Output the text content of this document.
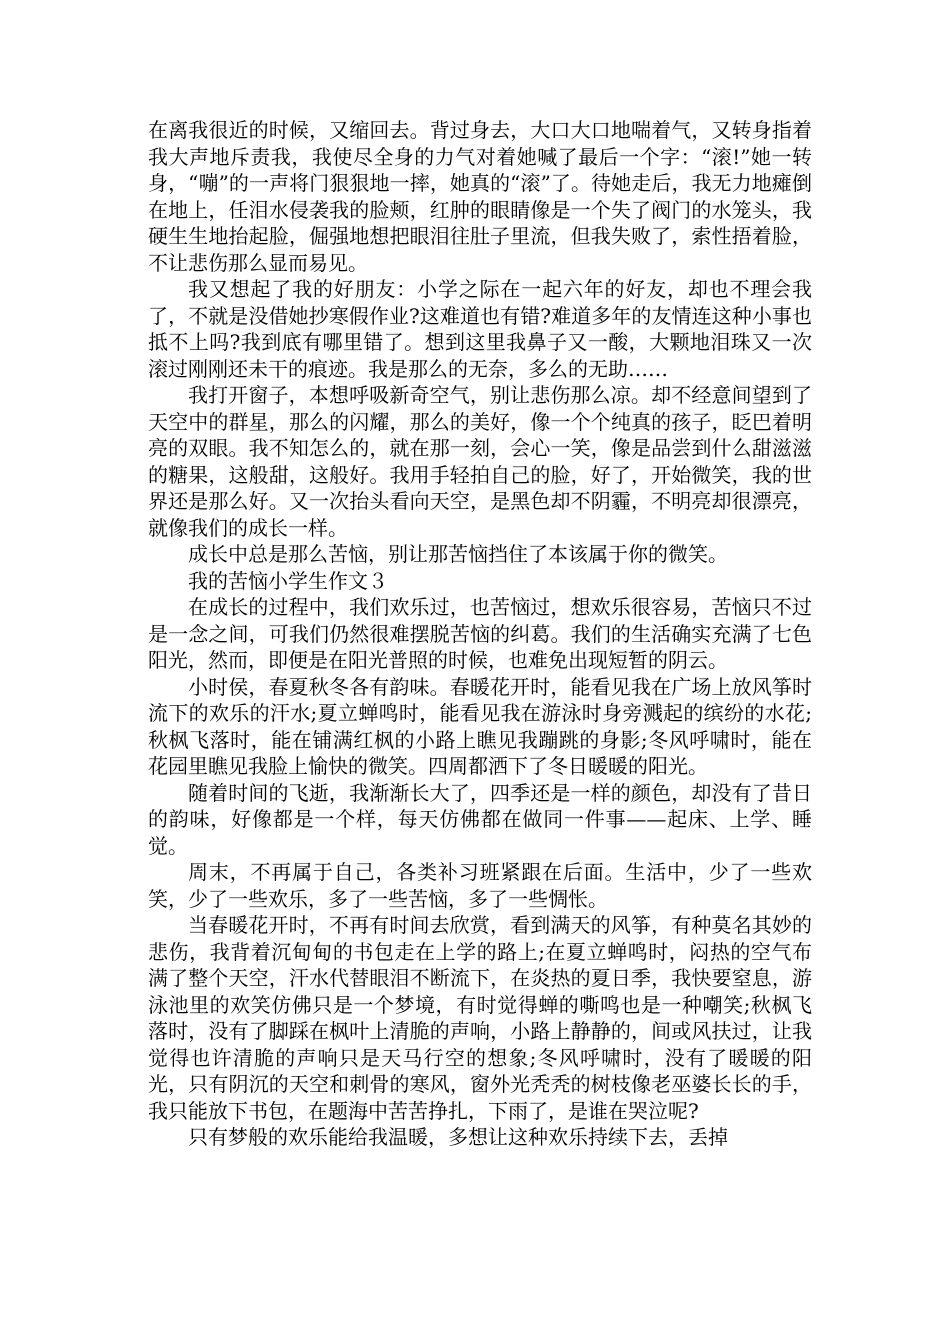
在离我很近的时候，又缩回去。背过身去，大口大口地喘着气，又转身指着我大声地斥责我，我使尽全身的力气对着她喊了最后一个字：“滚!”她一转身，“嘣”的一声将门狠狠地一摔，她真的“滚”了。待她走后，我无力地瘫倒在地上，任泪水侵袭我的脸颊，红肿的眼睛像是一个失了阀门的水笼头，我硬生生地抬起脸，倔强地想把眼泪往肚子里流，但我失败了，索性捂着脸，不让悲伤那么显而易见。

我又想起了我的好朋友：小学之际在一起六年的好友，却也不理会我了，不就是没借她抄寒假作业?这难道也有错?难道多年的友情连这种小事也抵不上吗?我到底有哪里错了。想到这里我鼻子又一酸，大颗地泪珠又一次滚过刚刚还未干的痕迹。我是那么的无奈，多么的无助……

我打开窗子，本想呼吸新奇空气，别让悲伤那么凉。却不经意间望到了天空中的群星，那么的闪耀，那么的美好，像一个个纯真的孩子，眨巴着明亮的双眼。我不知怎么的，就在那一刻，会心一笑，像是品尝到什么甜滋滋的糖果，这般甜，这般好。我用手轻拍自己的脸，好了，开始微笑，我的世界还是那么好。又一次抬头看向天空，是黑色却不阴霾，不明亮却很漂亮，就像我们的成长一样。

成长中总是那么苦恼，别让那苦恼挡住了本该属于你的微笑。

我的苦恼小学生作文３

在成长的过程中，我们欢乐过，也苦恼过，想欢乐很容易，苦恼只不过是一念之间，可我们仍然很难摆脱苦恼的纠葛。我们的生活确实充满了七色阳光，然而，即便是在阳光普照的时候，也难免出现短暂的阴云。

小时侯，春夏秋冬各有韵味。春暖花开时，能看见我在广场上放风筝时流下的欢乐的汗水;夏立蝉鸣时，能看见我在游泳时身旁溅起的缤纷的水花;秋枫飞落时，能在铺满红枫的小路上瞧见我蹦跳的身影;冬风呼啸时，能在花园里瞧见我脸上愉快的微笑。四周都洒下了冬日暖暖的阳光。

随着时间的飞逝，我渐渐长大了，四季还是一样的颜色，却没有了昔日的韵味，好像都是一个样，每天仿佛都在做同一件事——起床、上学、睡觉。

周末，不再属于自己，各类补习班紧跟在后面。生活中，少了一些欢笑，少了一些欢乐，多了一些苦恼，多了一些惆怅。

当春暖花开时，不再有时间去欣赏，看到满天的风筝，有种莫名其妙的悲伤，我背着沉甸甸的书包走在上学的路上;在夏立蝉鸣时，闷热的空气布满了整个天空，汗水代替眼泪不断流下，在炎热的夏日季，我快要窒息，游泳池里的欢笑仿佛只是一个梦境，有时觉得蝉的嘶鸣也是一种嘲笑;秋枫飞落时，没有了脚踩在枫叶上清脆的声响，小路上静静的，间或风扶过，让我觉得也许清脆的声响只是天马行空的想象;冬风呼啸时，没有了暖暖的阳光，只有阴沉的天空和刺骨的寒风，窗外光秃秃的树枝像老巫婆长长的手，我只能放下书包，在题海中苦苦挣扎，下雨了，是谁在哭泣呢?

只有梦般的欢乐能给我温暖，多想让这种欢乐持续下去，丢掉
